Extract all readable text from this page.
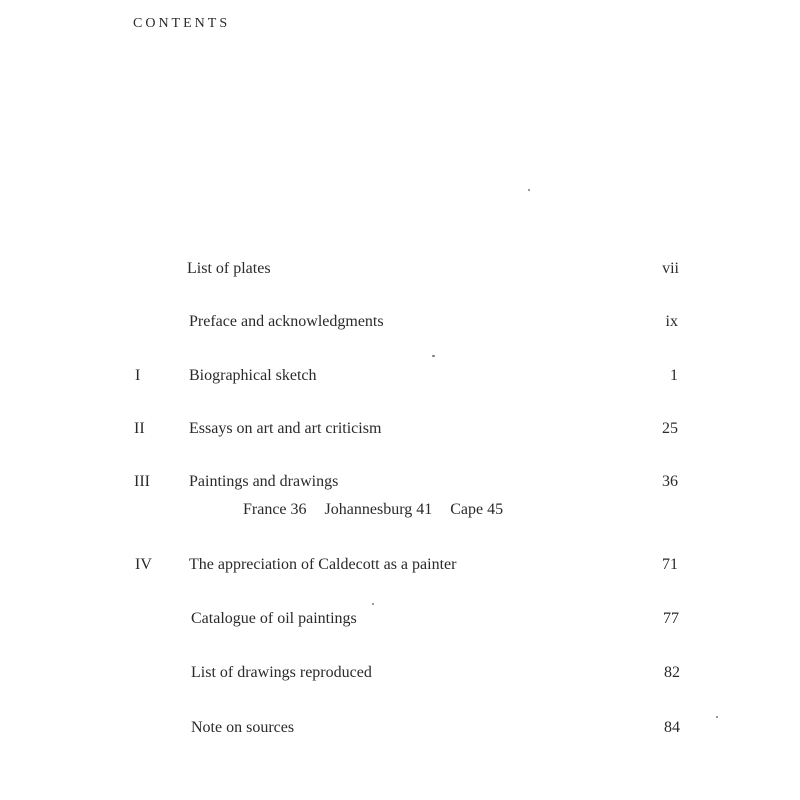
CONTENTS
List of plates	vii
Preface and acknowledgments	ix
I	Biographical sketch	1
II	Essays on art and art criticism	25
III Paintings and drawings	36
France 36 Johannesburg 41 Cape 45
IV The appreciation of Caldecott as a painter	71
Catalogue of oil paintings	77
List of drawings reproduced	82
Note on sources	84
